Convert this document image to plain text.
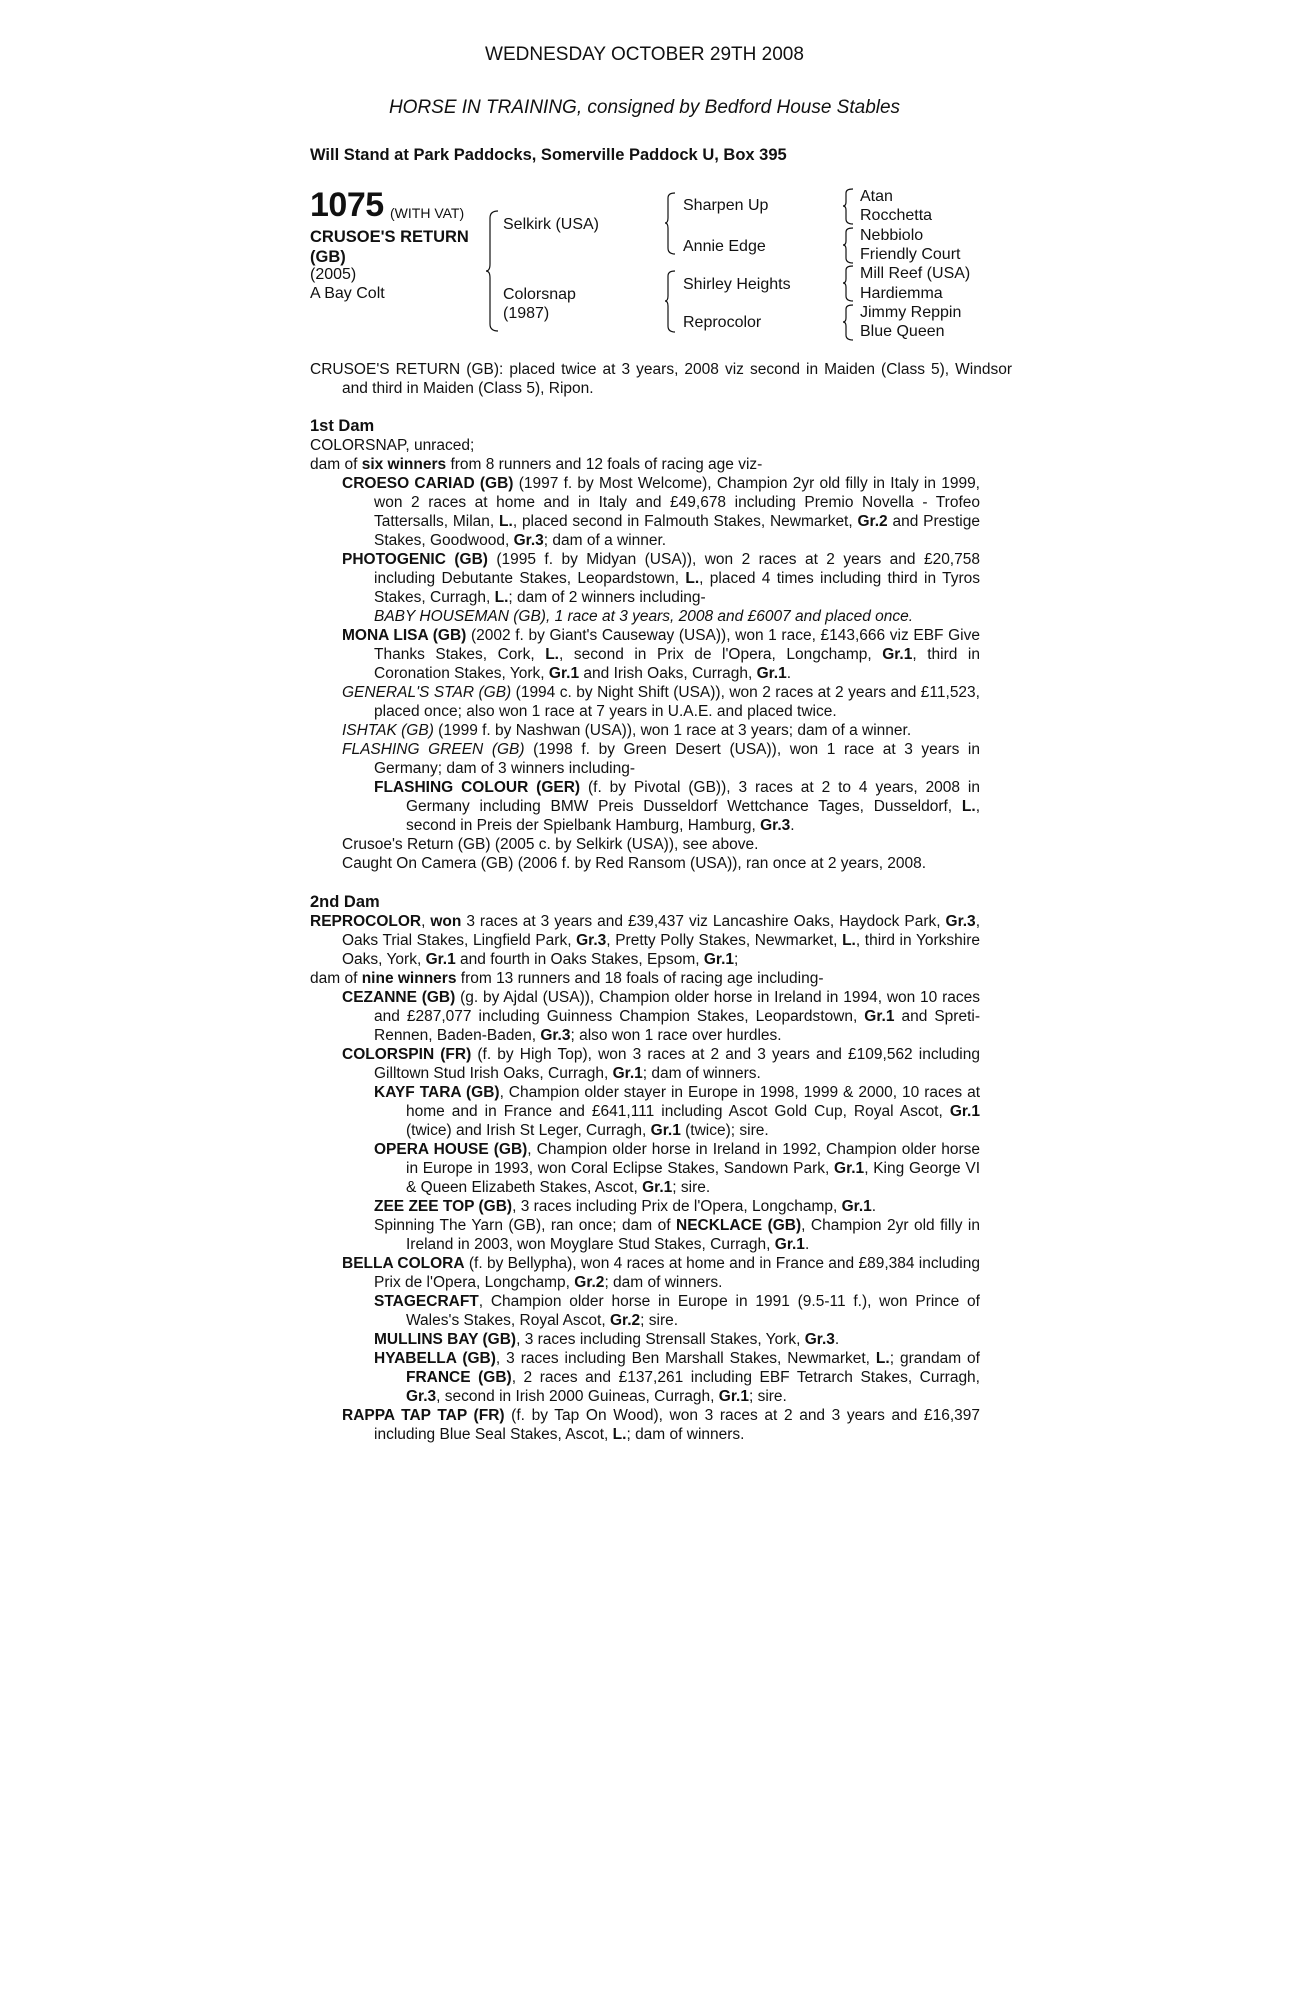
WEDNESDAY OCTOBER 29TH 2008
HORSE IN TRAINING, consigned by Bedford House Stables
Will Stand at Park Paddocks, Somerville Paddock U, Box 395
1075 (WITH VAT)
CRUSOE'S RETURN
(GB)
(2005)
A Bay Colt
Selkirk (USA)
Colorsnap
(1987)
Sharpen Up
Annie Edge
Shirley Heights
Reprocolor
Atan
Rocchetta
Nebbiolo
Friendly Court
Mill Reef (USA)
Hardiemma
Jimmy Reppin
Blue Queen
CRUSOE'S RETURN (GB): placed twice at 3 years, 2008 viz second in Maiden (Class 5), Windsor and third in Maiden (Class 5), Ripon.
1st Dam
COLORSNAP, unraced;
dam of six winners from 8 runners and 12 foals of racing age viz-
CROESO CARIAD (GB) (1997 f. by Most Welcome), Champion 2yr old filly in Italy in 1999, won 2 races at home and in Italy and £49,678 including Premio Novella - Trofeo Tattersalls, Milan, L., placed second in Falmouth Stakes, Newmarket, Gr.2 and Prestige Stakes, Goodwood, Gr.3; dam of a winner.
PHOTOGENIC (GB) (1995 f. by Midyan (USA)), won 2 races at 2 years and £20,758 including Debutante Stakes, Leopardstown, L., placed 4 times including third in Tyros Stakes, Curragh, L.; dam of 2 winners including-
BABY HOUSEMAN (GB), 1 race at 3 years, 2008 and £6007 and placed once.
MONA LISA (GB) (2002 f. by Giant's Causeway (USA)), won 1 race, £143,666 viz EBF Give Thanks Stakes, Cork, L., second in Prix de l'Opera, Longchamp, Gr.1, third in Coronation Stakes, York, Gr.1 and Irish Oaks, Curragh, Gr.1.
GENERAL'S STAR (GB) (1994 c. by Night Shift (USA)), won 2 races at 2 years and £11,523, placed once; also won 1 race at 7 years in U.A.E. and placed twice.
ISHTAK (GB) (1999 f. by Nashwan (USA)), won 1 race at 3 years; dam of a winner.
FLASHING GREEN (GB) (1998 f. by Green Desert (USA)), won 1 race at 3 years in Germany; dam of 3 winners including-
FLASHING COLOUR (GER) (f. by Pivotal (GB)), 3 races at 2 to 4 years, 2008 in Germany including BMW Preis Dusseldorf Wettchance Tages, Dusseldorf, L., second in Preis der Spielbank Hamburg, Hamburg, Gr.3.
Crusoe's Return (GB) (2005 c. by Selkirk (USA)), see above.
Caught On Camera (GB) (2006 f. by Red Ransom (USA)), ran once at 2 years, 2008.
2nd Dam
REPROCOLOR, won 3 races at 3 years and £39,437 viz Lancashire Oaks, Haydock Park, Gr.3, Oaks Trial Stakes, Lingfield Park, Gr.3, Pretty Polly Stakes, Newmarket, L., third in Yorkshire Oaks, York, Gr.1 and fourth in Oaks Stakes, Epsom, Gr.1;
dam of nine winners from 13 runners and 18 foals of racing age including-
CEZANNE (GB) (g. by Ajdal (USA)), Champion older horse in Ireland in 1994, won 10 races and £287,077 including Guinness Champion Stakes, Leopardstown, Gr.1 and Spreti-Rennen, Baden-Baden, Gr.3; also won 1 race over hurdles.
COLORSPIN (FR) (f. by High Top), won 3 races at 2 and 3 years and £109,562 including Gilltown Stud Irish Oaks, Curragh, Gr.1; dam of winners.
KAYF TARA (GB), Champion older stayer in Europe in 1998, 1999 & 2000, 10 races at home and in France and £641,111 including Ascot Gold Cup, Royal Ascot, Gr.1 (twice) and Irish St Leger, Curragh, Gr.1 (twice); sire.
OPERA HOUSE (GB), Champion older horse in Ireland in 1992, Champion older horse in Europe in 1993, won Coral Eclipse Stakes, Sandown Park, Gr.1, King George VI & Queen Elizabeth Stakes, Ascot, Gr.1; sire.
ZEE ZEE TOP (GB), 3 races including Prix de l'Opera, Longchamp, Gr.1.
Spinning The Yarn (GB), ran once; dam of NECKLACE (GB), Champion 2yr old filly in Ireland in 2003, won Moyglare Stud Stakes, Curragh, Gr.1.
BELLA COLORA (f. by Bellypha), won 4 races at home and in France and £89,384 including Prix de l'Opera, Longchamp, Gr.2; dam of winners.
STAGECRAFT, Champion older horse in Europe in 1991 (9.5-11 f.), won Prince of Wales's Stakes, Royal Ascot, Gr.2; sire.
MULLINS BAY (GB), 3 races including Strensall Stakes, York, Gr.3.
HYABELLA (GB), 3 races including Ben Marshall Stakes, Newmarket, L.; grandam of FRANCE (GB), 2 races and £137,261 including EBF Tetrarch Stakes, Curragh, Gr.3, second in Irish 2000 Guineas, Curragh, Gr.1; sire.
RAPPA TAP TAP (FR) (f. by Tap On Wood), won 3 races at 2 and 3 years and £16,397 including Blue Seal Stakes, Ascot, L.; dam of winners.
